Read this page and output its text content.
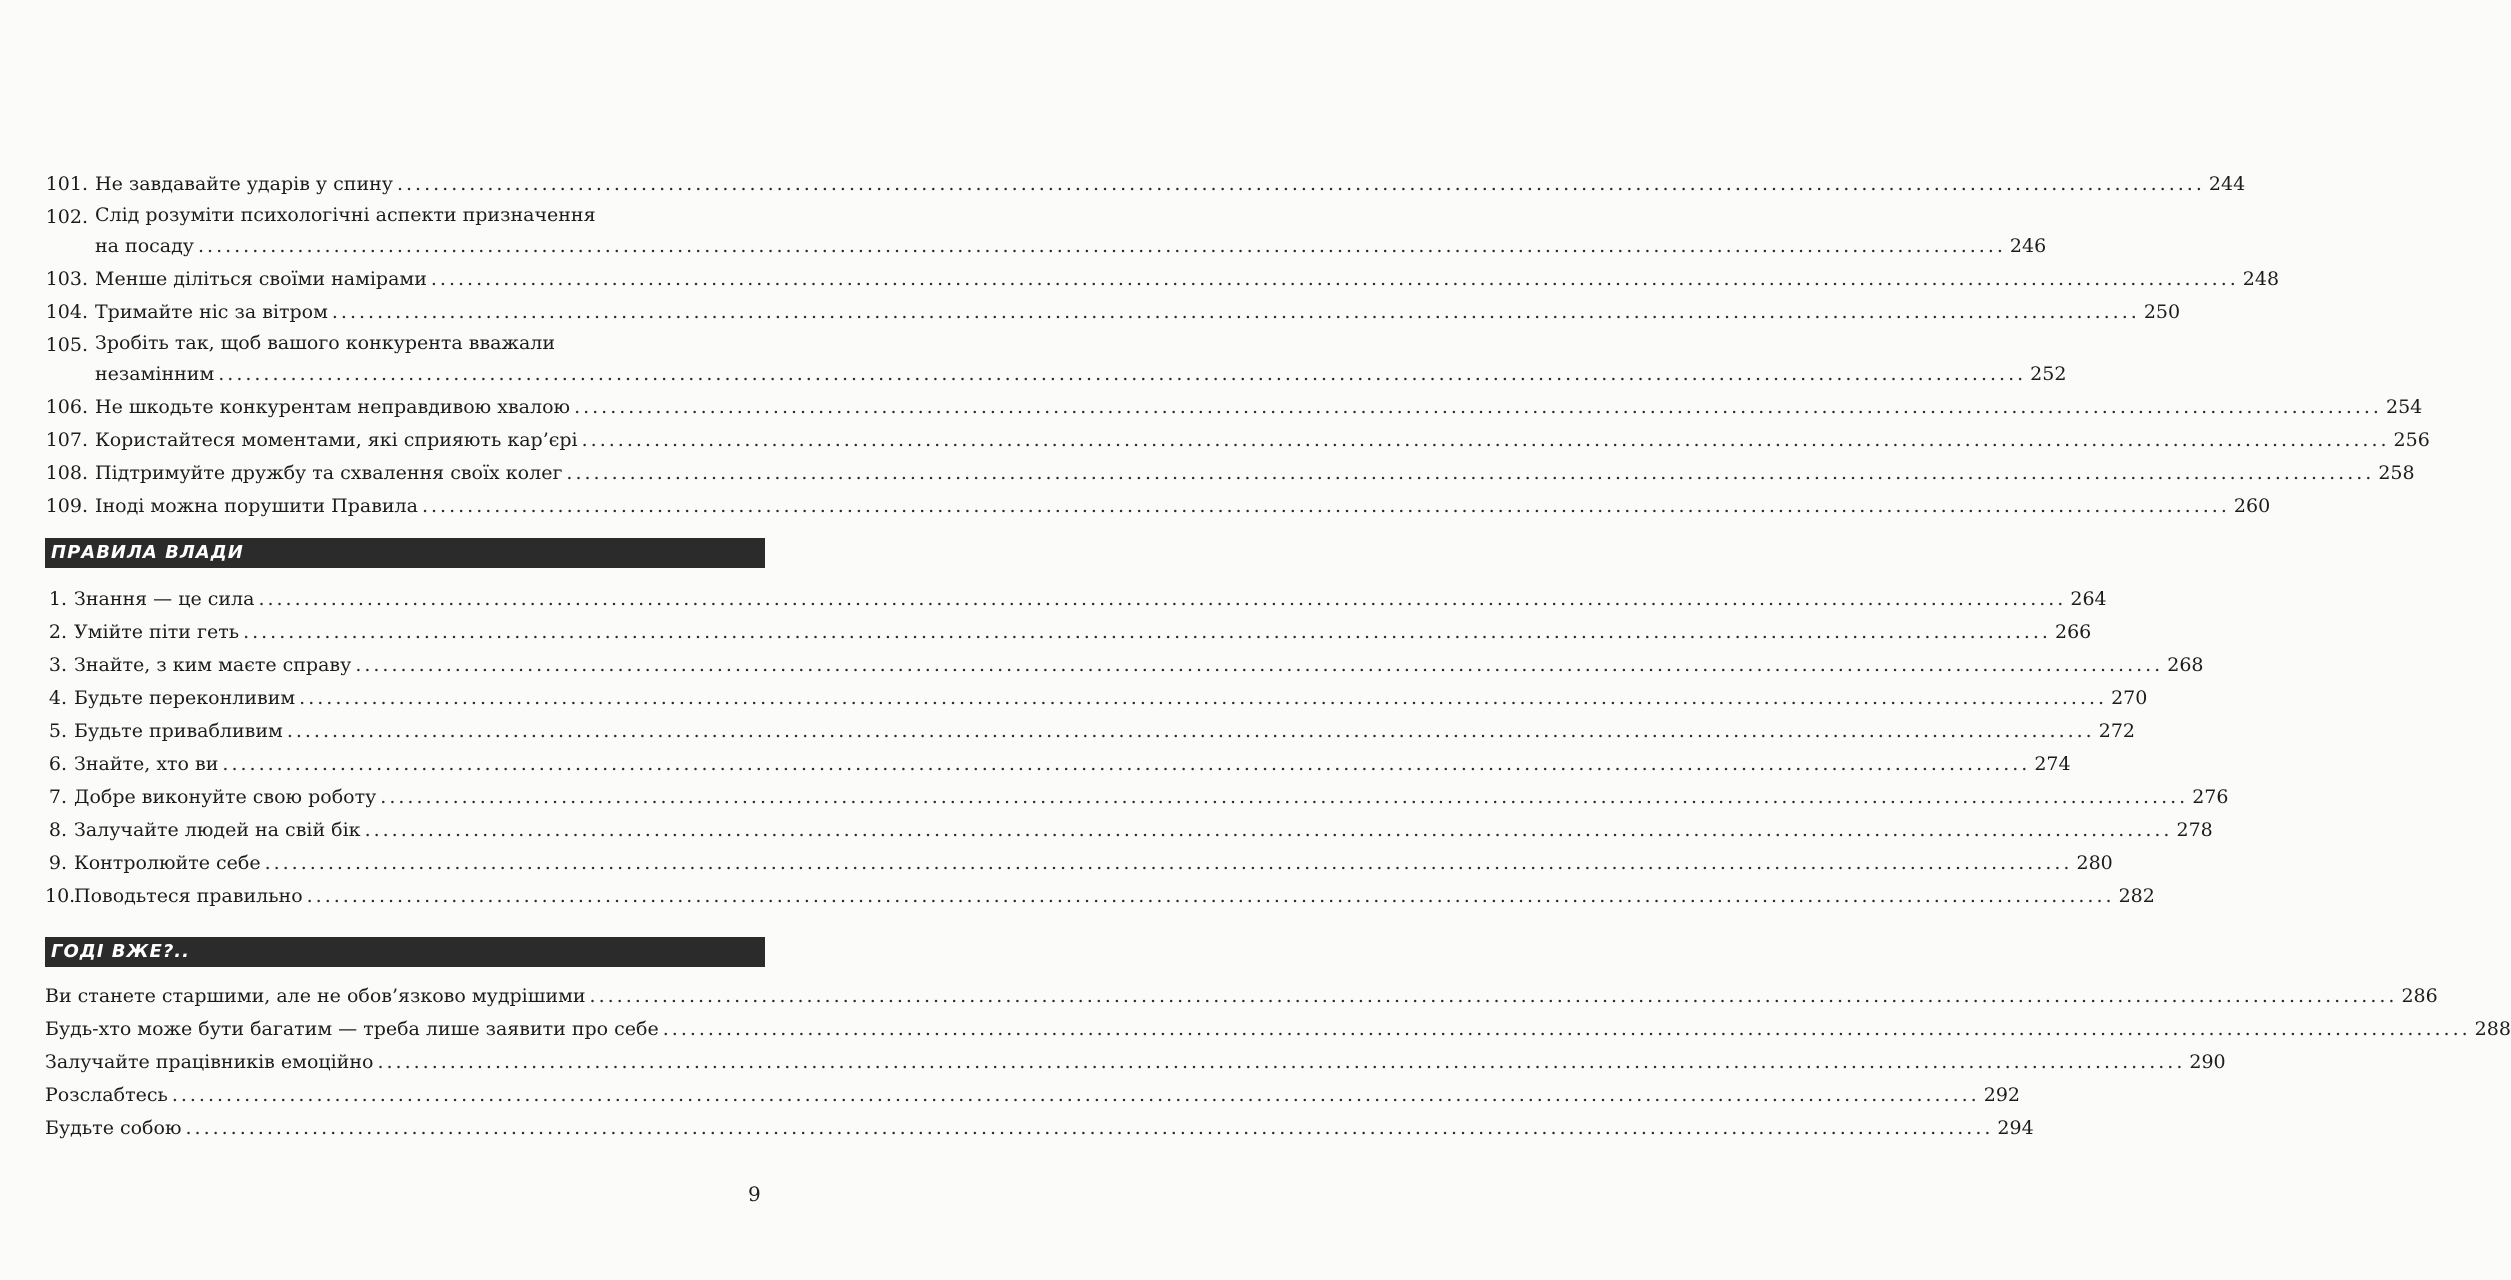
101. Не завдавайте ударів у спину ........................................................................................................................................................................................................ 244
102. Слід розуміти психологічні аспекти призначення
на посаду ........................................................................................................................................................................................................ 246
103. Менше діліться своїми намірами ........................................................................................................................................................................................................ 248
104. Тримайте ніс за вітром ........................................................................................................................................................................................................ 250
105. Зробіть так, щоб вашого конкурента вважали
незамінним ........................................................................................................................................................................................................ 252
106. Не шкодьте конкурентам неправдивою хвалою ........................................................................................................................................................................................................ 254
107. Користайтеся моментами, які сприяють кар’єрі ........................................................................................................................................................................................................ 256
108. Підтримуйте дружбу та схвалення своїх колег ........................................................................................................................................................................................................ 258
109. Іноді можна порушити Правила ........................................................................................................................................................................................................ 260
ПРАВИЛА ВЛАДИ
1. Знання — це сила ........................................................................................................................................................................................................ 264
2. Умійте піти геть ........................................................................................................................................................................................................ 266
3. Знайте, з ким маєте справу ........................................................................................................................................................................................................ 268
4. Будьте переконливим ........................................................................................................................................................................................................ 270
5. Будьте привабливим ........................................................................................................................................................................................................ 272
6. Знайте, хто ви ........................................................................................................................................................................................................ 274
7. Добре виконуйте свою роботу ........................................................................................................................................................................................................ 276
8. Залучайте людей на свій бік ........................................................................................................................................................................................................ 278
9. Контролюйте себе ........................................................................................................................................................................................................ 280
10.
Поводьтеся правильно ........................................................................................................................................................................................................ 282
ГОДІ ВЖЕ?..
Ви станете старшими, але не обов’язково мудрішими ........................................................................................................................................................................................................ 286
Будь-хто може бути багатим — треба лише заявити про себе ........................................................................................................................................................................................................ 288
Залучайте працівників емоційно ........................................................................................................................................................................................................ 290
Розслабтесь ........................................................................................................................................................................................................ 292
Будьте собою ........................................................................................................................................................................................................ 294
9
